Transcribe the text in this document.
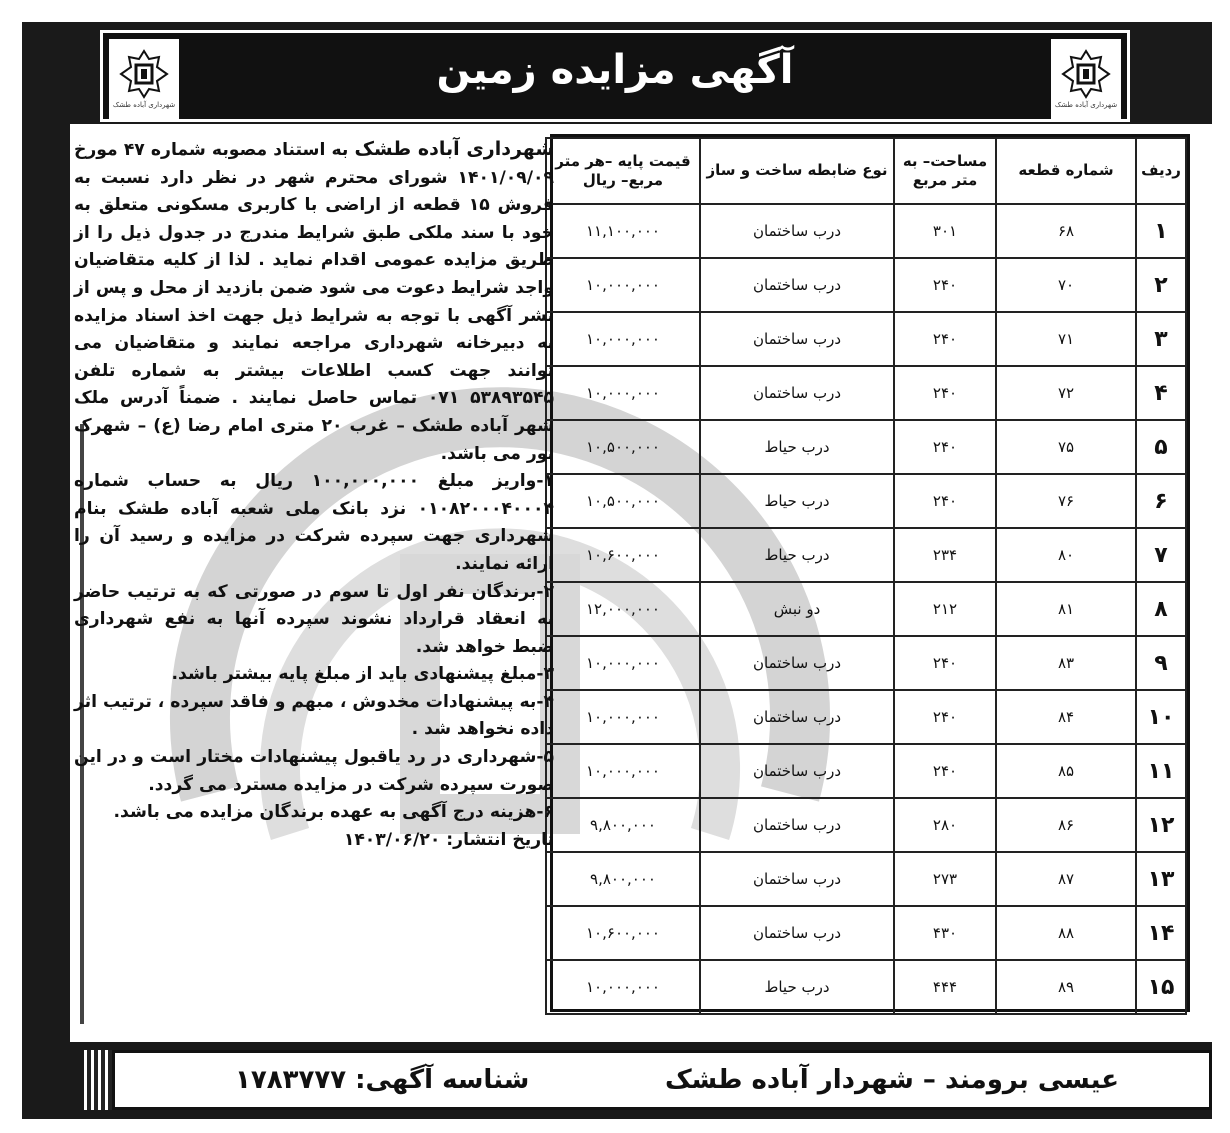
شهرداری آباده طشک
آگهی مزایده زمین
شهرداری آباده طشک
ردیف	شماره قطعه	مساحت– به متر مربع	نوع ضابطه ساخت و ساز	قیمت پایه –هر متر مربع– ریال
۱	۶۸	۳۰۱	درب ساختمان	۱۱,۱۰۰,۰۰۰
۲	۷۰	۲۴۰	درب ساختمان	۱۰,۰۰۰,۰۰۰
۳	۷۱	۲۴۰	درب ساختمان	۱۰,۰۰۰,۰۰۰
۴	۷۲	۲۴۰	درب ساختمان	۱۰,۰۰۰,۰۰۰
۵	۷۵	۲۴۰	درب حیاط	۱۰,۵۰۰,۰۰۰
۶	۷۶	۲۴۰	درب حیاط	۱۰,۵۰۰,۰۰۰
۷	۸۰	۲۳۴	درب حیاط	۱۰,۶۰۰,۰۰۰
۸	۸۱	۲۱۲	دو نبش	۱۲,۰۰۰,۰۰۰
۹	۸۳	۲۴۰	درب ساختمان	۱۰,۰۰۰,۰۰۰
۱۰	۸۴	۲۴۰	درب ساختمان	۱۰,۰۰۰,۰۰۰
۱۱	۸۵	۲۴۰	درب ساختمان	۱۰,۰۰۰,۰۰۰
۱۲	۸۶	۲۸۰	درب ساختمان	۹,۸۰۰,۰۰۰
۱۳	۸۷	۲۷۳	درب ساختمان	۹,۸۰۰,۰۰۰
۱۴	۸۸	۴۳۰	درب ساختمان	۱۰,۶۰۰,۰۰۰
۱۵	۸۹	۴۴۴	درب حیاط	۱۰,۰۰۰,۰۰۰

شهرداری آباده طشک به استناد مصوبه شماره ۴۷ مورخ ۱۴۰۱/۰۹/۰۹ شورای محترم شهر در نظر دارد نسبت به فروش ۱۵ قطعه از اراضی با کاربری مسکونی متعلق به خود با سند ملکی طبق شرایط مندرج در جدول ذیل را از طریق مزایده عمومی اقدام نماید . لذا از کلیه متقاضیان واجد شرایط دعوت می شود ضمن بازدید از محل و پس از نشر آگهی با توجه به شرایط ذیل جهت اخذ اسناد مزایده به دبیرخانه شهرداری مراجعه نمایند و متقاضیان می توانند جهت کسب اطلاعات بیشتر به شماره تلفن ۵۳۸۹۳۵۴۵ ۰۷۱ تماس حاصل نمایند . ضمناً آدرس ملک شهر آباده طشک – غرب ۲۰ متری امام رضا (ع) – شهرک نور می باشد.

۱-واریز مبلغ ۱۰۰,۰۰۰,۰۰۰ ریال به حساب شماره ۰۱۰۸۲۰۰۰۴۰۰۰۴ نزد بانک ملی شعبه آباده طشک بنام شهرداری جهت سپرده شرکت در مزایده و رسید آن را ارائه نمایند.

۲-برندگان نفر اول تا سوم در صورتی که به ترتیب حاضر به انعقاد قرارداد نشوند سپرده آنها به نفع شهرداری ضبط خواهد شد.

۳-مبلغ پیشنهادی باید از مبلغ پایه بیشتر باشد.

۴-به پیشنهادات مخدوش ، مبهم و فاقد سپرده ، ترتیب اثر داده نخواهد شد .

۵-شهرداری در رد یاقبول پیشنهادات مختار است و در این صورت سپرده شرکت در مزایده مسترد می گردد.

۶-هزینه درج آگهی به عهده برندگان مزایده می باشد.

تاریخ انتشار: ۱۴۰۳/۰۶/۲۰

عیسی برومند – شهردار آباده طشک
شناسه آگهی: ۱۷۸۳۷۷۷
